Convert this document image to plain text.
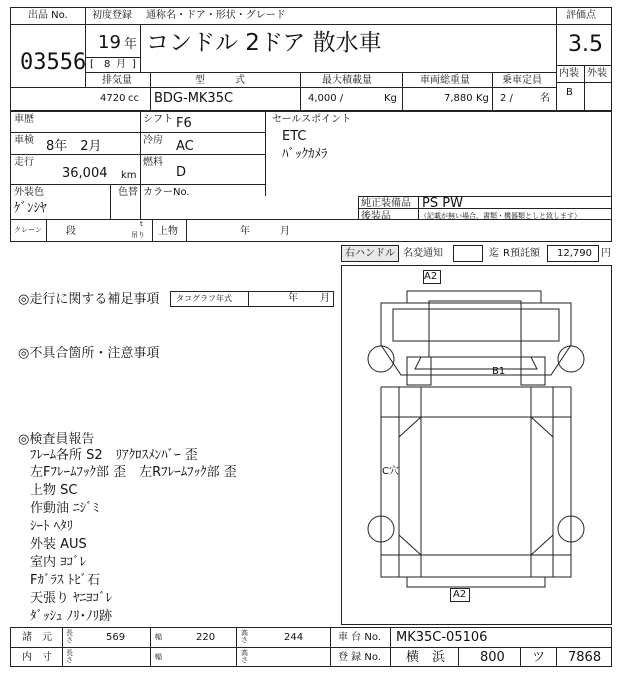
出品 No.
03556
初度登録 通称名・ドア・形状・グレード
19 年
[ 8 月 ]
コンドル 2ドア 散水車
評価点
3.5
内装 外装
B
排気量	型　　　式	最大積載量	車両総重量	乗車定員
4720 cc BDG-MK35C	4,000 /	Kg	7,880 Kg 2 /	名
車歴	シフト F6
車検 8年　2月	冷房 AC
走行
36,004 km
燃料
D
外装色
ｹﾞﾝｼﾔ
色替 カラーNo.
クレーン 段
t
吊り 上物	年	月
セールスポイント
ETC
ﾊﾞｯｸｶﾒﾗ
純正装備品 PS PW
後装品	（記載が無い場合、書類・機器類としと致します）
右ハンドル 名変通知	迄 R預託額 12,790 円
◎走行に関する補足事項 タコグラフ年式	年 月
◎不具合箇所・注意事項
◎検査員報告
ﾌﾚｰﾑ各所 S2　ﾘｱｸﾛｽﾒﾝﾊﾞｰ 歪
左Fﾌﾚｰﾑﾌｯｸ部 歪　左Rﾌﾚｰﾑﾌｯｸ部 歪
上物 SC
作動油 ﾆｼﾞﾐ
ｼｰﾄ ﾍﾀﾘ
外装 AUS
室内 ﾖｺﾞﾚ
Fｶﾞﾗｽ ﾄﾋﾞ石
天張り ﾔﾆﾖｺﾞﾚ
ﾀﾞｯｼｭ ﾉﾘ･ﾉﾘ跡
A2
B1
C穴
A2
諸　元 長さ	569	幅	220	高さ	244	車 台 No. MK35C-05106
内　寸 長さ	幅	高さ	登 録 No. 横　浜	800 ツ 7868
